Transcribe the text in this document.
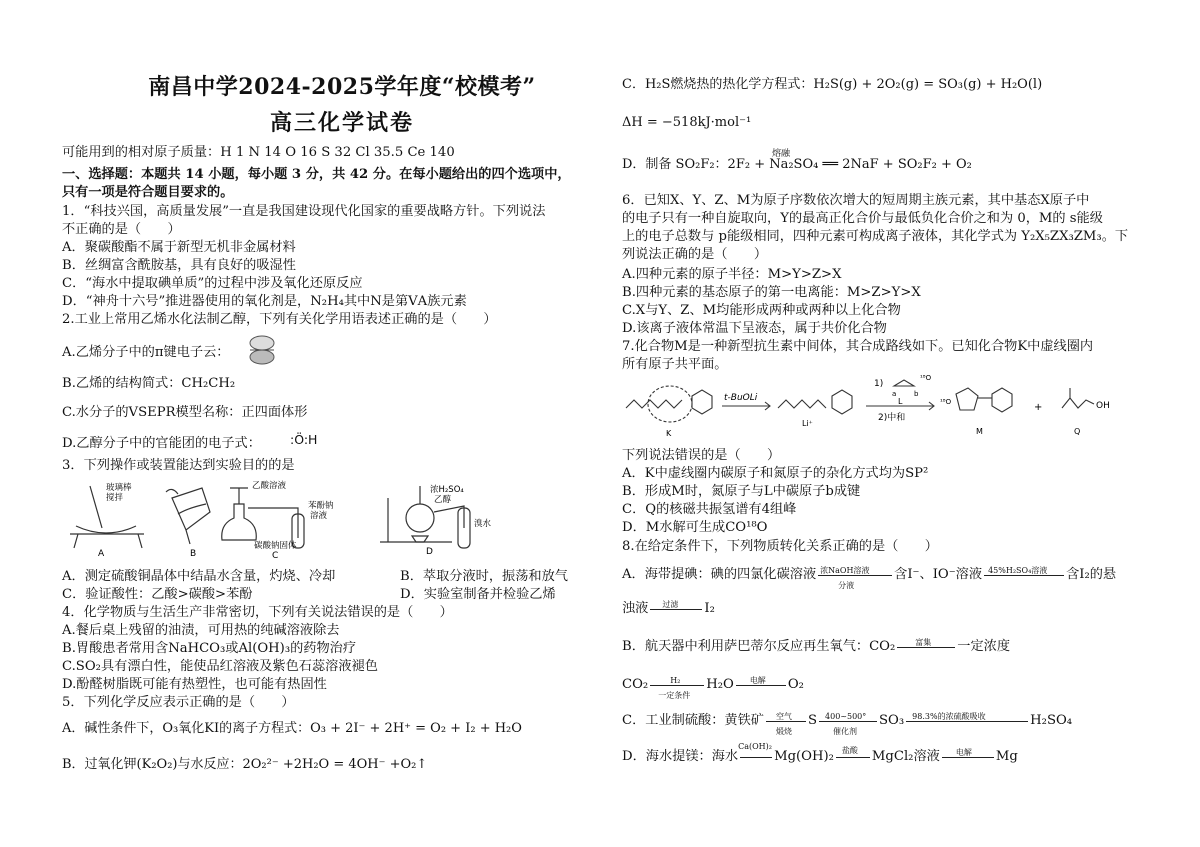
南昌中学2024-2025学年度“校模考”
高三化学试卷
可能用到的相对原子质量：H 1 N 14 O 16 S 32 Cl 35.5 Ce 140
一、选择题：本题共 14 小题，每小题 3 分，共 42 分。在每小题给出的四个选项中，
只有一项是符合题目要求的。
1．“科技兴国，高质量发展”一直是我国建设现代化国家的重要战略方针。下列说法
不正确的是（　　）
A．聚碳酸酯不属于新型无机非金属材料
B．丝绸富含酰胺基，具有良好的吸湿性
C．“海水中提取碘单质”的过程中涉及氧化还原反应
D．“神舟十六号”推进器使用的氧化剂是，N₂H₄其中N是第ⅤA族元素
2.工业上常用乙烯水化法制乙醇，下列有关化学用语表述正确的是（　　）
A.乙烯分子中的π键电子云：
B.乙烯的结构简式：CH₂CH₂
C.水分子的VSEPR模型名称：正四面体形
D.乙醇分子中的官能团的电子式： :Ö:H
3．下列操作或装置能达到实验目的的是
玻璃棒
搅拌
A	B
乙酸溶液
苯酚钠
溶液
碳酸钠固体
C
浓H₂SO₄
乙醇
溴水
D
A．测定硫酸铜晶体中结晶水含量，灼烧、冷却	B．萃取分液时，振荡和放气
C．验证酸性：乙酸>碳酸>苯酚	D．实验室制备并检验乙烯
4．化学物质与生活生产非常密切，下列有关说法错误的是（　　）
A.餐后桌上残留的油渍，可用热的纯碱溶液除去
B.胃酸患者常用含NaHCO₃或Al(OH)₃的药物治疗
C.SO₂具有漂白性，能使品红溶液及紫色石蕊溶液褪色
D.酚醛树脂既可能有热塑性，也可能有热固性
5．下列化学反应表示正确的是（　　）
A．碱性条件下，O₃氧化KI的离子方程式：O₃ + 2I⁻ + 2H⁺ = O₂ + I₂ + H₂O
B．过氧化钾(K₂O₂)与水反应：2O₂²⁻ +2H₂O = 4OH⁻ +O₂↑
C．H₂S燃烧热的热化学方程式：H₂S(g) + 2O₂(g) = SO₃(g) + H₂O(l)
ΔH = −518kJ·mol⁻¹
D．制备 SO₂F₂：2F₂ + Na₂SO₄ ══ 2NaF + SO₂F₂ + O₂
熔融
6．已知X、Y、Z、M为原子序数依次增大的短周期主族元素，其中基态X原子中
的电子只有一种自旋取向，Y的最高正化合价与最低负化合价之和为 0，M的 s能级
上的电子总数与 p能级相同，四种元素可构成离子液体，其化学式为 Y₂X₅ZX₃ZM₃。下
列说法正确的是（　　）
A.四种元素的原子半径：M>Y>Z>X
B.四种元素的基态原子的第一电离能：M>Z>Y>X
C.X与Y、Z、M均能形成两种或两种以上化合物
D.该离子液体常温下呈液态，属于共价化合物
7.化合物M是一种新型抗生素中间体，其合成路线如下。已知化合物K中虚线圈内
所有原子共平面。
t-BuOLi
1)
2)中和
L
a	b
¹⁸O
¹⁸O
Li⁺
K	M
+	OH
Q
下列说法错误的是（　　）
A．K中虚线圈内碳原子和氮原子的杂化方式均为SP²
B．形成M时，氮原子与L中碳原子b成键
C．Q的核磁共振氢谱有4组峰
D．M水解可生成CO¹⁸O
8.在给定条件下，下列物质转化关系正确的是（　　）
A．海带提碘：碘的四氯化碳溶液 浓NaOH溶液
分液
含I⁻、IO⁻溶液 45%H₂SO₄溶液 含I₂的悬
浊液 过滤 I₂
B．航天器中利用萨巴蒂尔反应再生氧气：CO₂	富集 一定浓度
CO₂	H₂
一定条件
H₂O 电解 O₂
C．工业制硫酸：黄铁矿 空气
煅烧
S 400~500°
催化剂
SO₃ 98.3%的浓硫酸吸收	H₂SO₄
D．海水提镁：海水
Ca(OH)₂
Mg(OH)₂ 盐酸 MgCl₂溶液 电解 Mg
